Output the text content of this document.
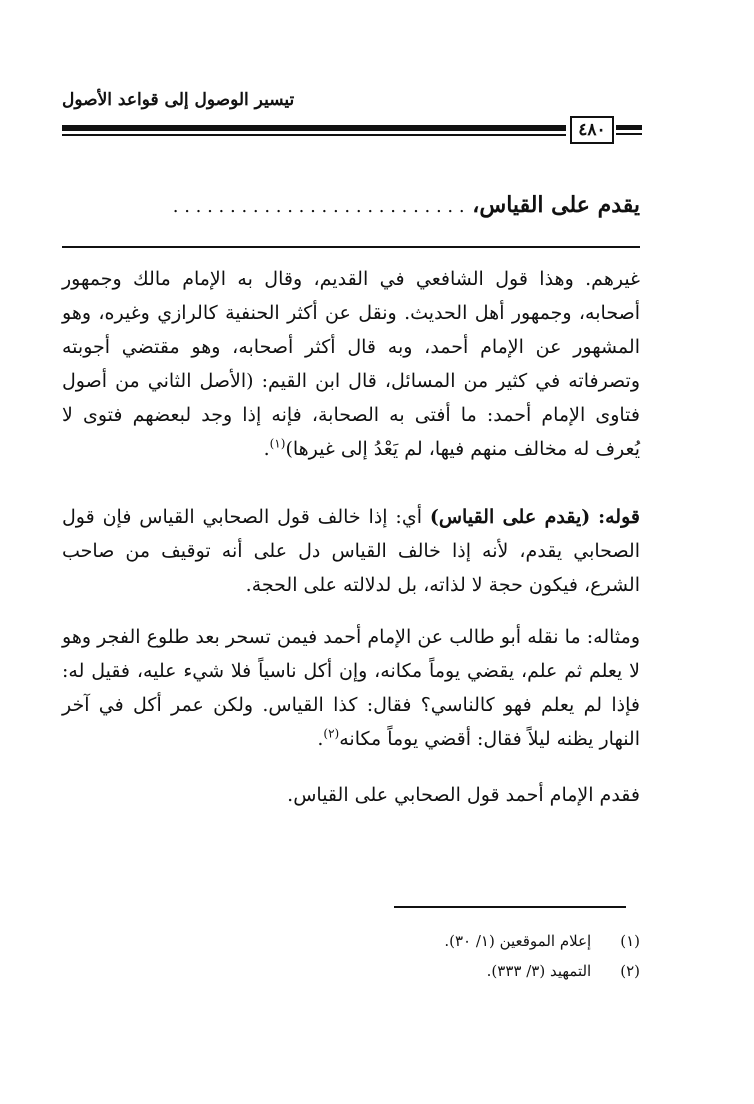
تيسير الوصول إلى قواعد الأصول
٤٨٠
يقدم على القياس، . . . . . . . . . . . . . . . . . . . . . . . . . .
غيرهم. وهذا قول الشافعي في القديم، وقال به الإمام مالك وجمهور أصحابه، وجمهور أهل الحديث. ونقل عن أكثر الحنفية كالرازي وغيره، وهو المشهور عن الإمام أحمد، وبه قال أكثر أصحابه، وهو مقتضي أجوبته وتصرفاته في كثير من المسائل، قال ابن القيم: (الأصل الثاني من أصول فتاوى الإمام أحمد: ما أفتى به الصحابة، فإنه إذا وجد لبعضهم فتوى لا يُعرف له مخالف منهم فيها، لم يَعْدُ إلى غيرها)$^{(١)}$.
قوله: (يقدم على القياس) أي: إذا خالف قول الصحابي القياس فإن قول الصحابي يقدم، لأنه إذا خالف القياس دل على أنه توقيف من صاحب الشرع، فيكون حجة لا لذاته، بل لدلالته على الحجة.
ومثاله: ما نقله أبو طالب عن الإمام أحمد فيمن تسحر بعد طلوع الفجر وهو لا يعلم ثم علم، يقضي يوماً مكانه، وإن أكل ناسياً فلا شيء عليه، فقيل له: فإذا لم يعلم فهو كالناسي؟ فقال: كذا القياس. ولكن عمر أكل في آخر النهار يظنه ليلاً فقال: أقضي يوماً مكانه$^{(٢)}$.
فقدم الإمام أحمد قول الصحابي على القياس.
(١) إعلام الموقعين (١/ ٣٠).
(٢) التمهيد (٣/ ٣٣٣).
